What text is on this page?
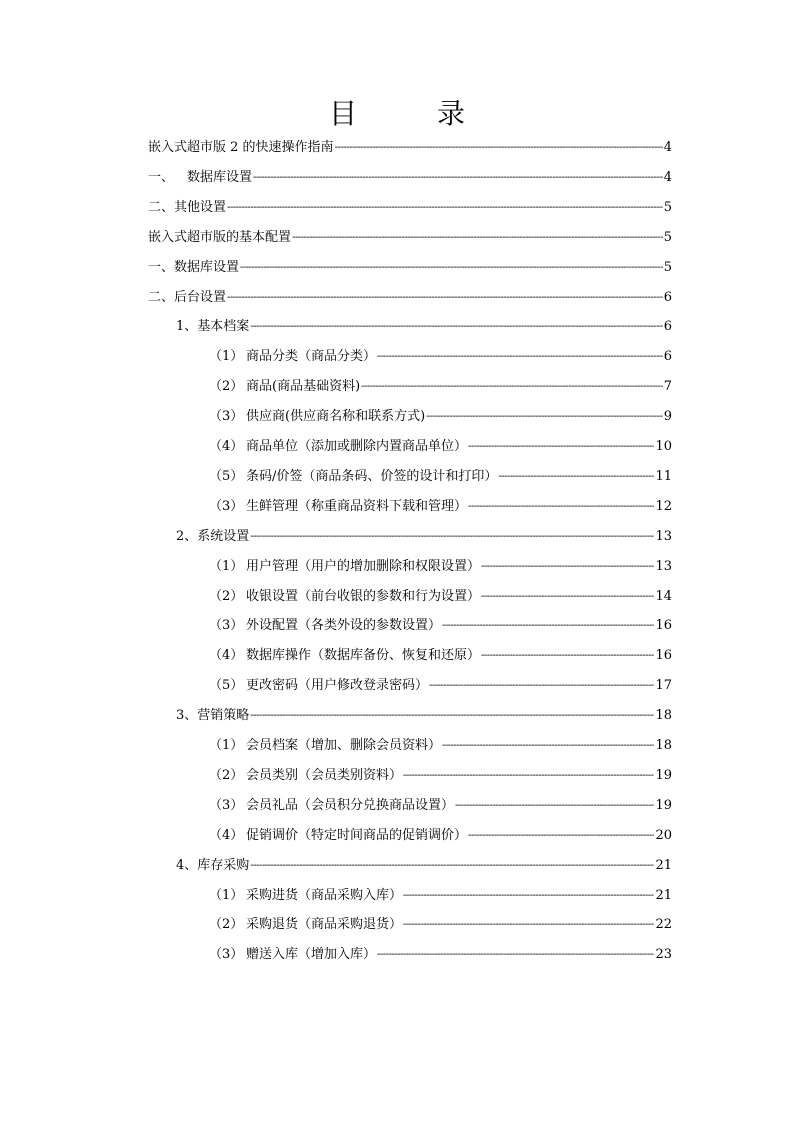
目　录
嵌入式超市版 2 的快速操作指南 -----	4
一、 　数据库设置 -----	4
二、 其他设置 -----	5
嵌入式超市版的基本配置 -----	5
一、 数据库设置 -----	5
二、 后台设置 -----	6
1、 基本档案 -----	6
（1） 商品分类（商品分类） -----	6
（2） 商品(商品基础资料) -----	7
（3） 供应商(供应商名称和联系方式) -----	9
（4） 商品单位（添加或删除内置商品单位） -----	10
（5） 条码/价签（商品条码、价签的设计和打印） -----	11
（3） 生鲜管理（称重商品资料下载和管理） -----	12
2、 系统设置 -----	13
（1） 用户管理（用户的增加删除和权限设置） -----	13
（2） 收银设置（前台收银的参数和行为设置） -----	14
（3） 外设配置（各类外设的参数设置） -----	16
（4） 数据库操作（数据库备份、恢复和还原） -----	16
（5） 更改密码（用户修改登录密码） -----	17
3、 营销策略 -----	18
（1） 会员档案（增加、删除会员资料） -----	18
（2） 会员类别（会员类别资料） -----	19
（3） 会员礼品（会员积分兑换商品设置） -----	19
（4） 促销调价（特定时间商品的促销调价） -----	20
4、 库存采购 -----	21
（1） 采购进货（商品采购入库） -----	21
（2） 采购退货（商品采购退货） -----	22
（3） 赠送入库（增加入库） -----	23
